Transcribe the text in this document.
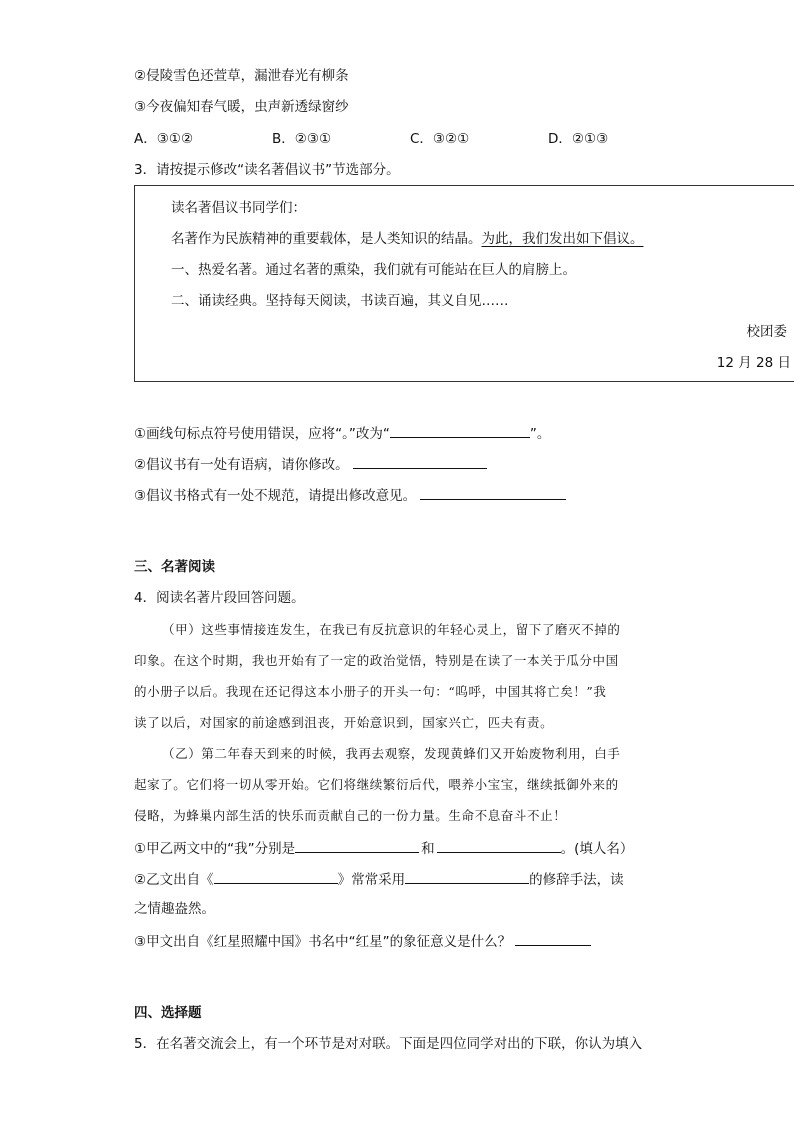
②侵陵雪色还萱草，漏泄春光有柳条
③今夜偏知春气暖，虫声新透绿窗纱
A．③①②	B．②③①	C．③②①	D．②①③
3．请按提示修改“读名著倡议书”节选部分。
读名著倡议书同学们：
名著作为民族精神的重要载体，是人类知识的结晶。为此，我们发出如下倡议。
一、热爱名著。通过名著的熏染，我们就有可能站在巨人的肩膀上。
二、诵读经典。坚持每天阅读，书读百遍，其义自见……
校团委
12 月 28 日
①画线句标点符号使用错误，应将“。”改为“	”。
②倡议书有一处有语病，请你修改。
③倡议书格式有一处不规范，请提出修改意见。
三、名著阅读
4．阅读名著片段回答问题。
（甲）这些事情接连发生，在我已有反抗意识的年轻心灵上，留下了磨灭不掉的
印象。在这个时期，我也开始有了一定的政治觉悟，特别是在读了一本关于瓜分中国
的小册子以后。我现在还记得这本小册子的开头一句：“呜呼，中国其将亡矣！”我
读了以后，对国家的前途感到沮丧，开始意识到，国家兴亡，匹夫有责。
（乙）第二年春天到来的时候，我再去观察，发现黄蜂们又开始废物利用，白手
起家了。它们将一切从零开始。它们将继续繁衍后代，喂养小宝宝，继续抵御外来的
侵略，为蜂巢内部生活的快乐而贡献自己的一份力量。生命不息奋斗不止！
①甲乙两文中的“我”分别是	和	。(填人名）
②乙文出自《	》常常采用	的修辞手法，读
之情趣盎然。
③甲文出自《红星照耀中国》书名中“红星”的象征意义是什么？
四、选择题
5．在名著交流会上，有一个环节是对对联。下面是四位同学对出的下联，你认为填入
